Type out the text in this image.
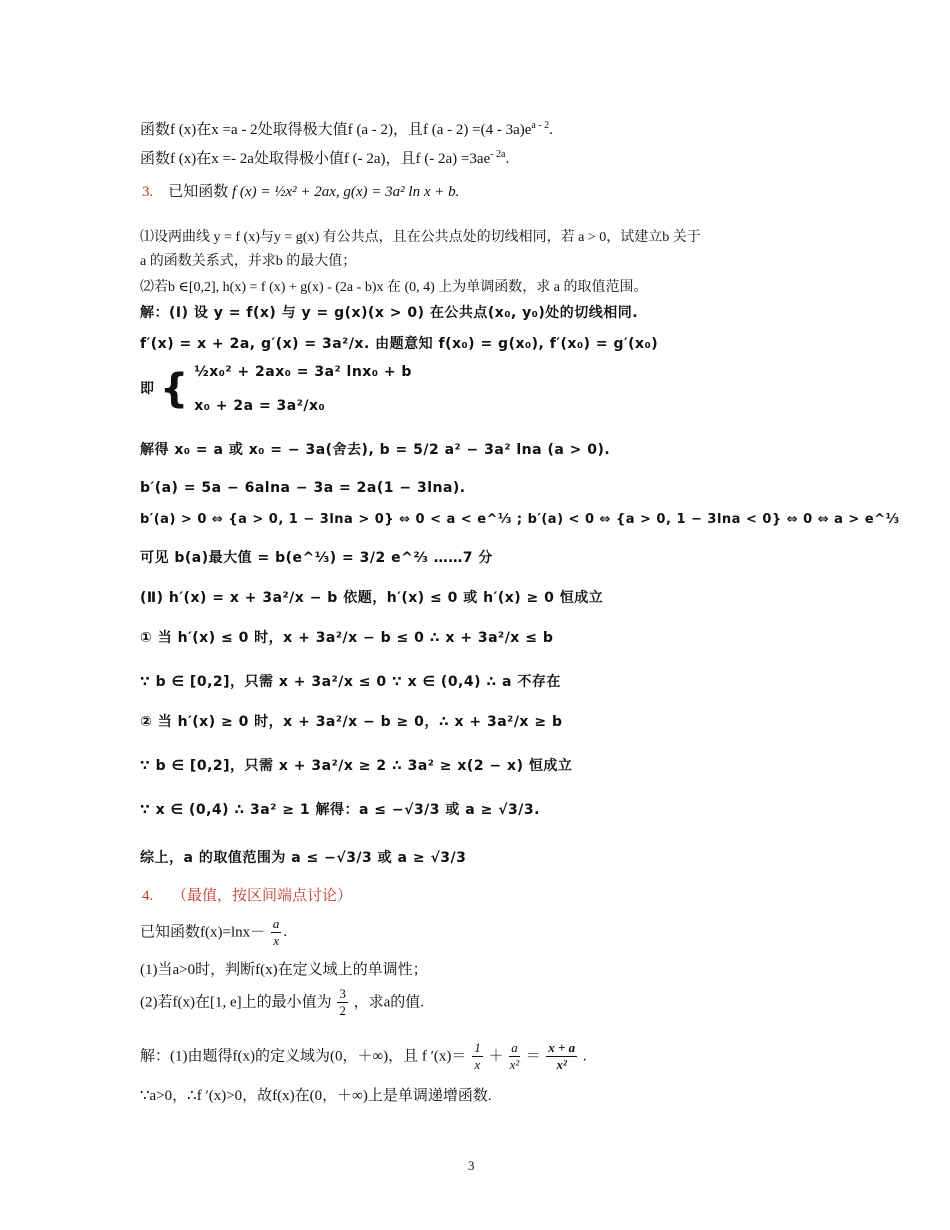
函数f (x)在x =a - 2处取得极大值f (a - 2)，且f $(a - 2) =(4 - 3a)e^{a - 2}$.
函数f (x)在x =- 2a处取得极小值f (- 2a)，且f (- $2a) =3ae^{- 2a}$.
3. 已知函数 f (x) = ½x² + 2ax, g(x) = 3a² ln x + b.
⑴设两曲线 y = f (x)与y = g(x) 有公共点，且在公共点处的切线相同，若 a > 0，试建立b 关于
a 的函数关系式，并求b 的最大值；
⑵若b ∈[0,2], h(x) = f (x) + g(x) - (2a - b)x 在 (0, 4) 上为单调函数，求 a 的取值范围。
解：(Ⅰ) 设 y = f(x) 与 y = g(x)(x > 0) 在公共点(x₀, y₀)处的切线相同.
f′(x) = x + 2a, g′(x) = 3a²/x. 由题意知 f(x₀) = g(x₀), f′(x₀) = g′(x₀)
即 { ½x₀² + 2ax₀ = 3a² lnx₀ + b
x₀ + 2a = 3a²/x₀
解得 x₀ = a 或 x₀ = − 3a(舍去), b = 5/2 a² − 3a² lna (a > 0).
b′(a) = 5a − 6alna − 3a = 2a(1 − 3lna).
b′(a) > 0 ⇔ {a > 0, 1 − 3lna > 0} ⇔ 0 < a < e^⅓ ; b′(a) < 0 ⇔ {a > 0, 1 − 3lna < 0} ⇔ 0 ⇔ a > e^⅓
可见 b(a)最大值 = b(e^⅓) = 3/2 e^⅔ ……7 分
(Ⅱ) h′(x) = x + 3a²/x − b 依题，h′(x) ≤ 0 或 h′(x) ≥ 0 恒成立
① 当 h′(x) ≤ 0 时，x + 3a²/x − b ≤ 0 ∴ x + 3a²/x ≤ b
∵ b ∈ [0,2]，只需 x + 3a²/x ≤ 0 ∵ x ∈ (0,4) ∴ a 不存在
② 当 h′(x) ≥ 0 时，x + 3a²/x − b ≥ 0，∴ x + 3a²/x ≥ b
∵ b ∈ [0,2]，只需 x + 3a²/x ≥ 2 ∴ 3a² ≥ x(2 − x) 恒成立
∵ x ∈ (0,4) ∴ 3a² ≥ 1 解得：a ≤ −√3/3 或 a ≥ √3/3.
综上，a 的取值范围为 a ≤ −√3/3 或 a ≥ √3/3
4. （最值，按区间端点讨论）
已知函数$f(x)=\ln x- \frac{a}{x}$ .
(1)当a>0时，判断f(x)在定义域上的单调性；
(2)若f(x)在[1, e]上的最小值为 $\frac{3}{2}$ ，求a的值.
解：(1)由题得f(x)的定义域为(0，＋∞)，且 f $'(x)= \frac{1}{x} + \frac{a}{\text{x²}} = \frac{x + a}{\text{x²}}$ .
∵a>0，∴f ′(x)>0，故f(x)在(0，＋∞)上是单调递增函数.
3
